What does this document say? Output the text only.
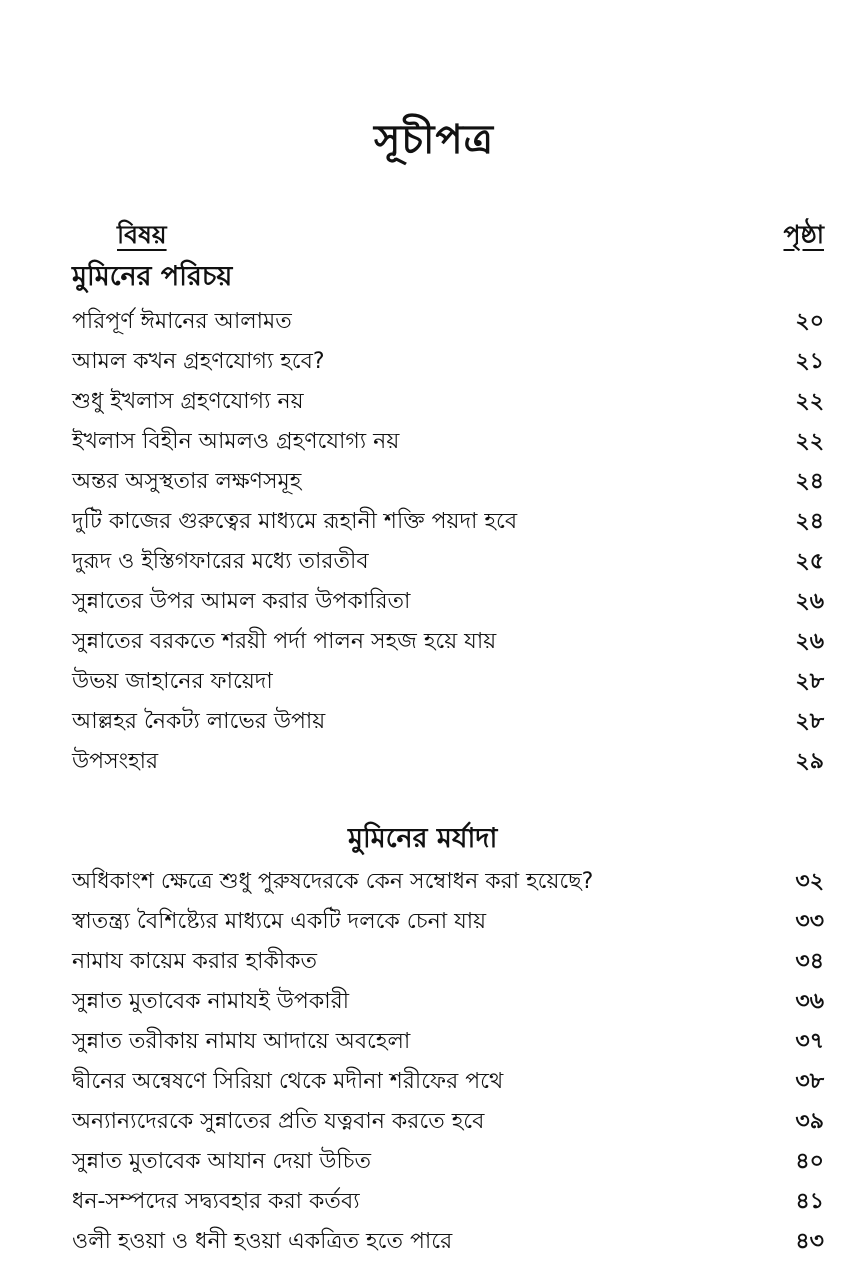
সূচীপত্র
বিষয়	পৃষ্ঠা
মুমিনের পরিচয়
পরিপূর্ণ ঈমানের আলামত	২০
আমল কখন গ্রহণযোগ্য হবে?	২১
শুধু ইখলাস গ্রহণযোগ্য নয়	২২
ইখলাস বিহীন আমলও গ্রহণযোগ্য নয়	২২
অন্তর অসুস্থতার লক্ষণসমূহ	২৪
দুটি কাজের গুরুত্বের মাধ্যমে রূহানী শক্তি পয়দা হবে	২৪
দুরূদ ও ইস্তিগফারের মধ্যে তারতীব	২৫
সুন্নাতের উপর আমল করার উপকারিতা	২৬
সুন্নাতের বরকতে শরয়ী পর্দা পালন সহজ হয়ে যায়	২৬
উভয় জাহানের ফায়েদা	২৮
আল্লহর নৈকট্য লাভের উপায়	২৮
উপসংহার	২৯
মুমিনের মর্যাদা
অধিকাংশ ক্ষেত্রে শুধু পুরুষদেরকে কেন সম্বোধন করা হয়েছে?	৩২
স্বাতন্ত্র্য বৈশিষ্ট্যের মাধ্যমে একটি দলকে চেনা যায়	৩৩
নামায কায়েম করার হাকীকত	৩৪
সুন্নাত মুতাবেক নামাযই উপকারী	৩৬
সুন্নাত তরীকায় নামায আদায়ে অবহেলা	৩৭
দ্বীনের অন্বেষণে সিরিয়া থেকে মদীনা শরীফের পথে	৩৮
অন্যান্যদেরকে সুন্নাতের প্রতি যত্নবান করতে হবে	৩৯
সুন্নাত মুতাবেক আযান দেয়া উচিত	৪০
ধন-সম্পদের সদ্ব্যবহার করা কর্তব্য	৪১
ওলী হওয়া ও ধনী হওয়া একত্রিত হতে পারে	৪৩
